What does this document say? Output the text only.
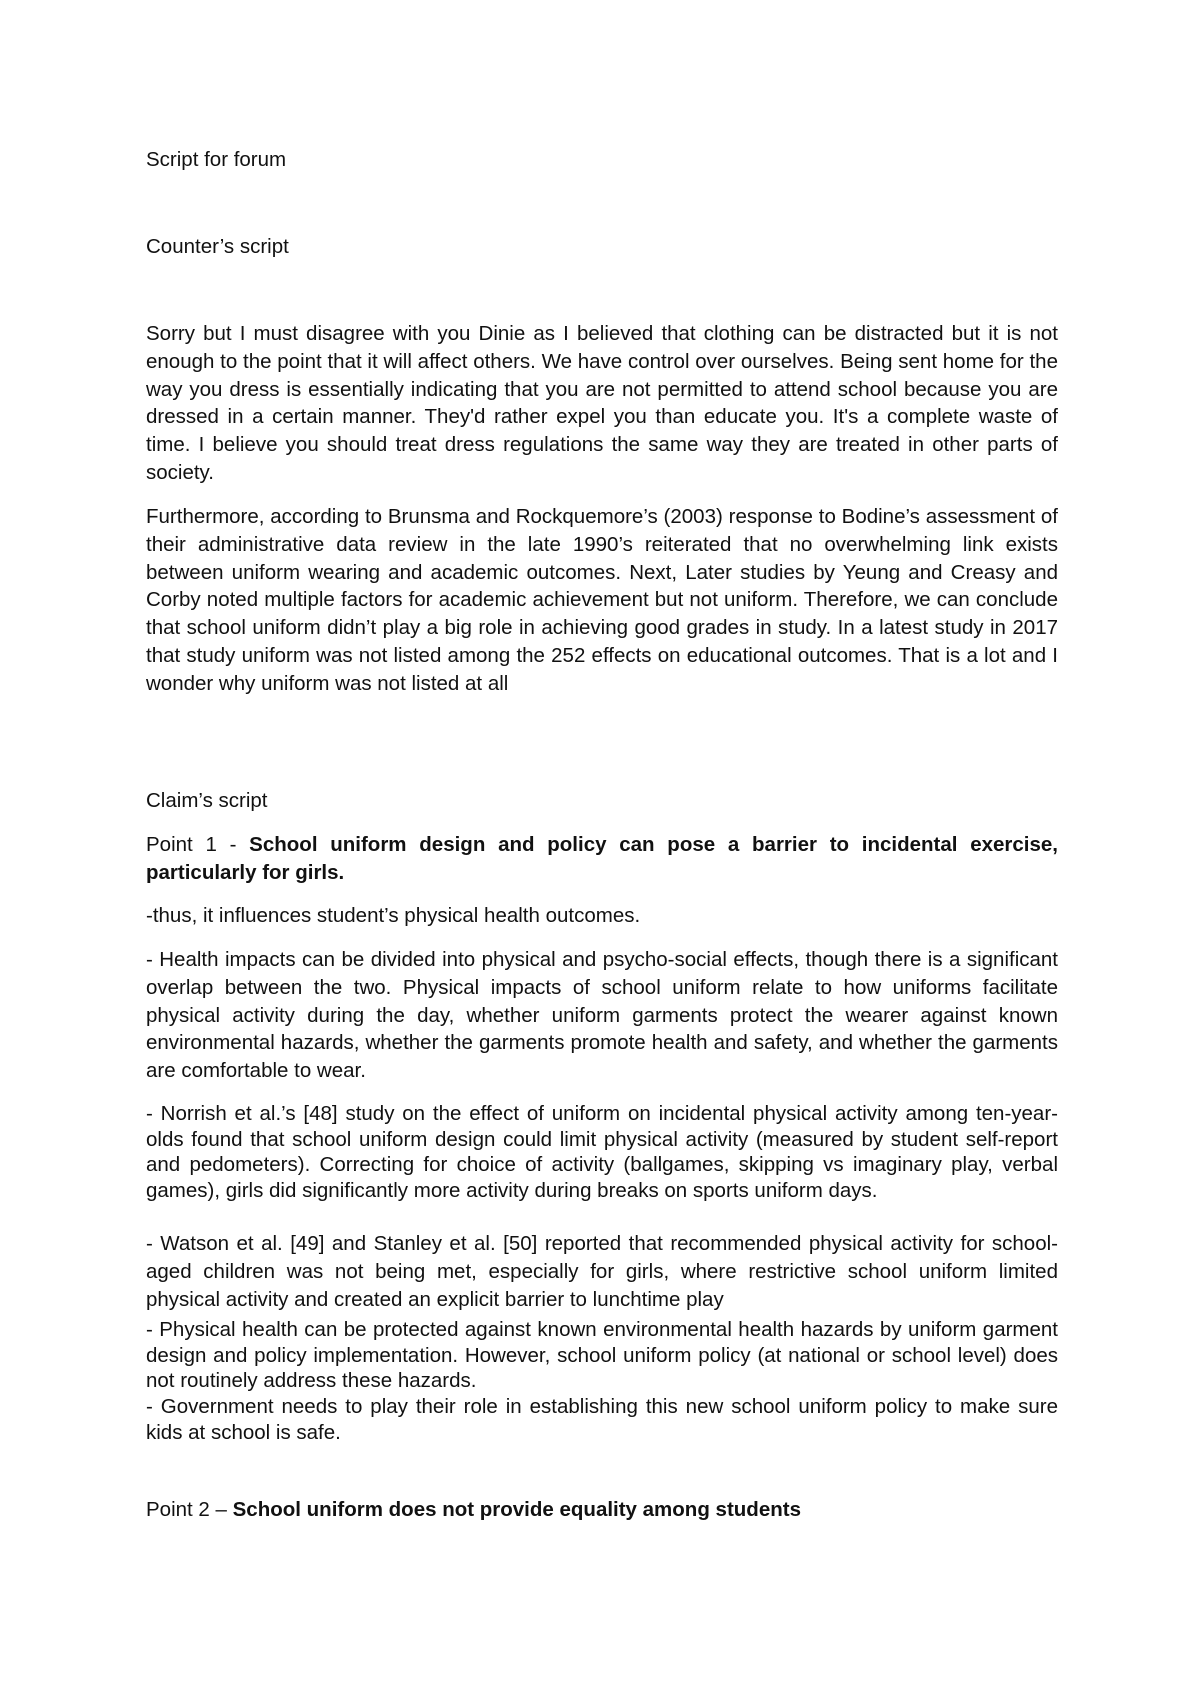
Script for forum
Counter’s script

Sorry but I must disagree with you Dinie as I believed that clothing can be distracted but it is not enough to the point that it will affect others. We have control over ourselves. Being sent home for the way you dress is essentially indicating that you are not permitted to attend school because you are dressed in a certain manner. They'd rather expel you than educate you. It's a complete waste of time. I believe you should treat dress regulations the same way they are treated in other parts of society.

Furthermore, according to Brunsma and Rockquemore’s (2003) response to Bodine’s assessment of their administrative data review in the late 1990’s reiterated that no overwhelming link exists between uniform wearing and academic outcomes. Next, Later studies by Yeung and Creasy and Corby noted multiple factors for academic achievement but not uniform. Therefore, we can conclude that school uniform didn’t play a big role in achieving good grades in study. In a latest study in 2017 that study uniform was not listed among the 252 effects on educational outcomes. That is a lot and I wonder why uniform was not listed at all

Claim’s script
Point 1 - School uniform design and policy can pose a barrier to incidental exercise, particularly for girls.
-thus, it influences student’s physical health outcomes.

- Health impacts can be divided into physical and psycho-social effects, though there is a significant overlap between the two. Physical impacts of school uniform relate to how uniforms facilitate physical activity during the day, whether uniform garments protect the wearer against known environmental hazards, whether the garments promote health and safety, and whether the garments are comfortable to wear.

- Norrish et al.’s [48] study on the effect of uniform on incidental physical activity among ten-year-olds found that school uniform design could limit physical activity (measured by student self-report and pedometers). Correcting for choice of activity (ballgames, skipping vs imaginary play, verbal games), girls did significantly more activity during breaks on sports uniform days.

- Watson et al. [49] and Stanley et al. [50] reported that recommended physical activity for school-aged children was not being met, especially for girls, where restrictive school uniform limited physical activity and created an explicit barrier to lunchtime play

- Physical health can be protected against known environmental health hazards by uniform garment design and policy implementation. However, school uniform policy (at national or school level) does not routinely address these hazards.

- Government needs to play their role in establishing this new school uniform policy to make sure kids at school is safe.

Point 2 – School uniform does not provide equality among students
